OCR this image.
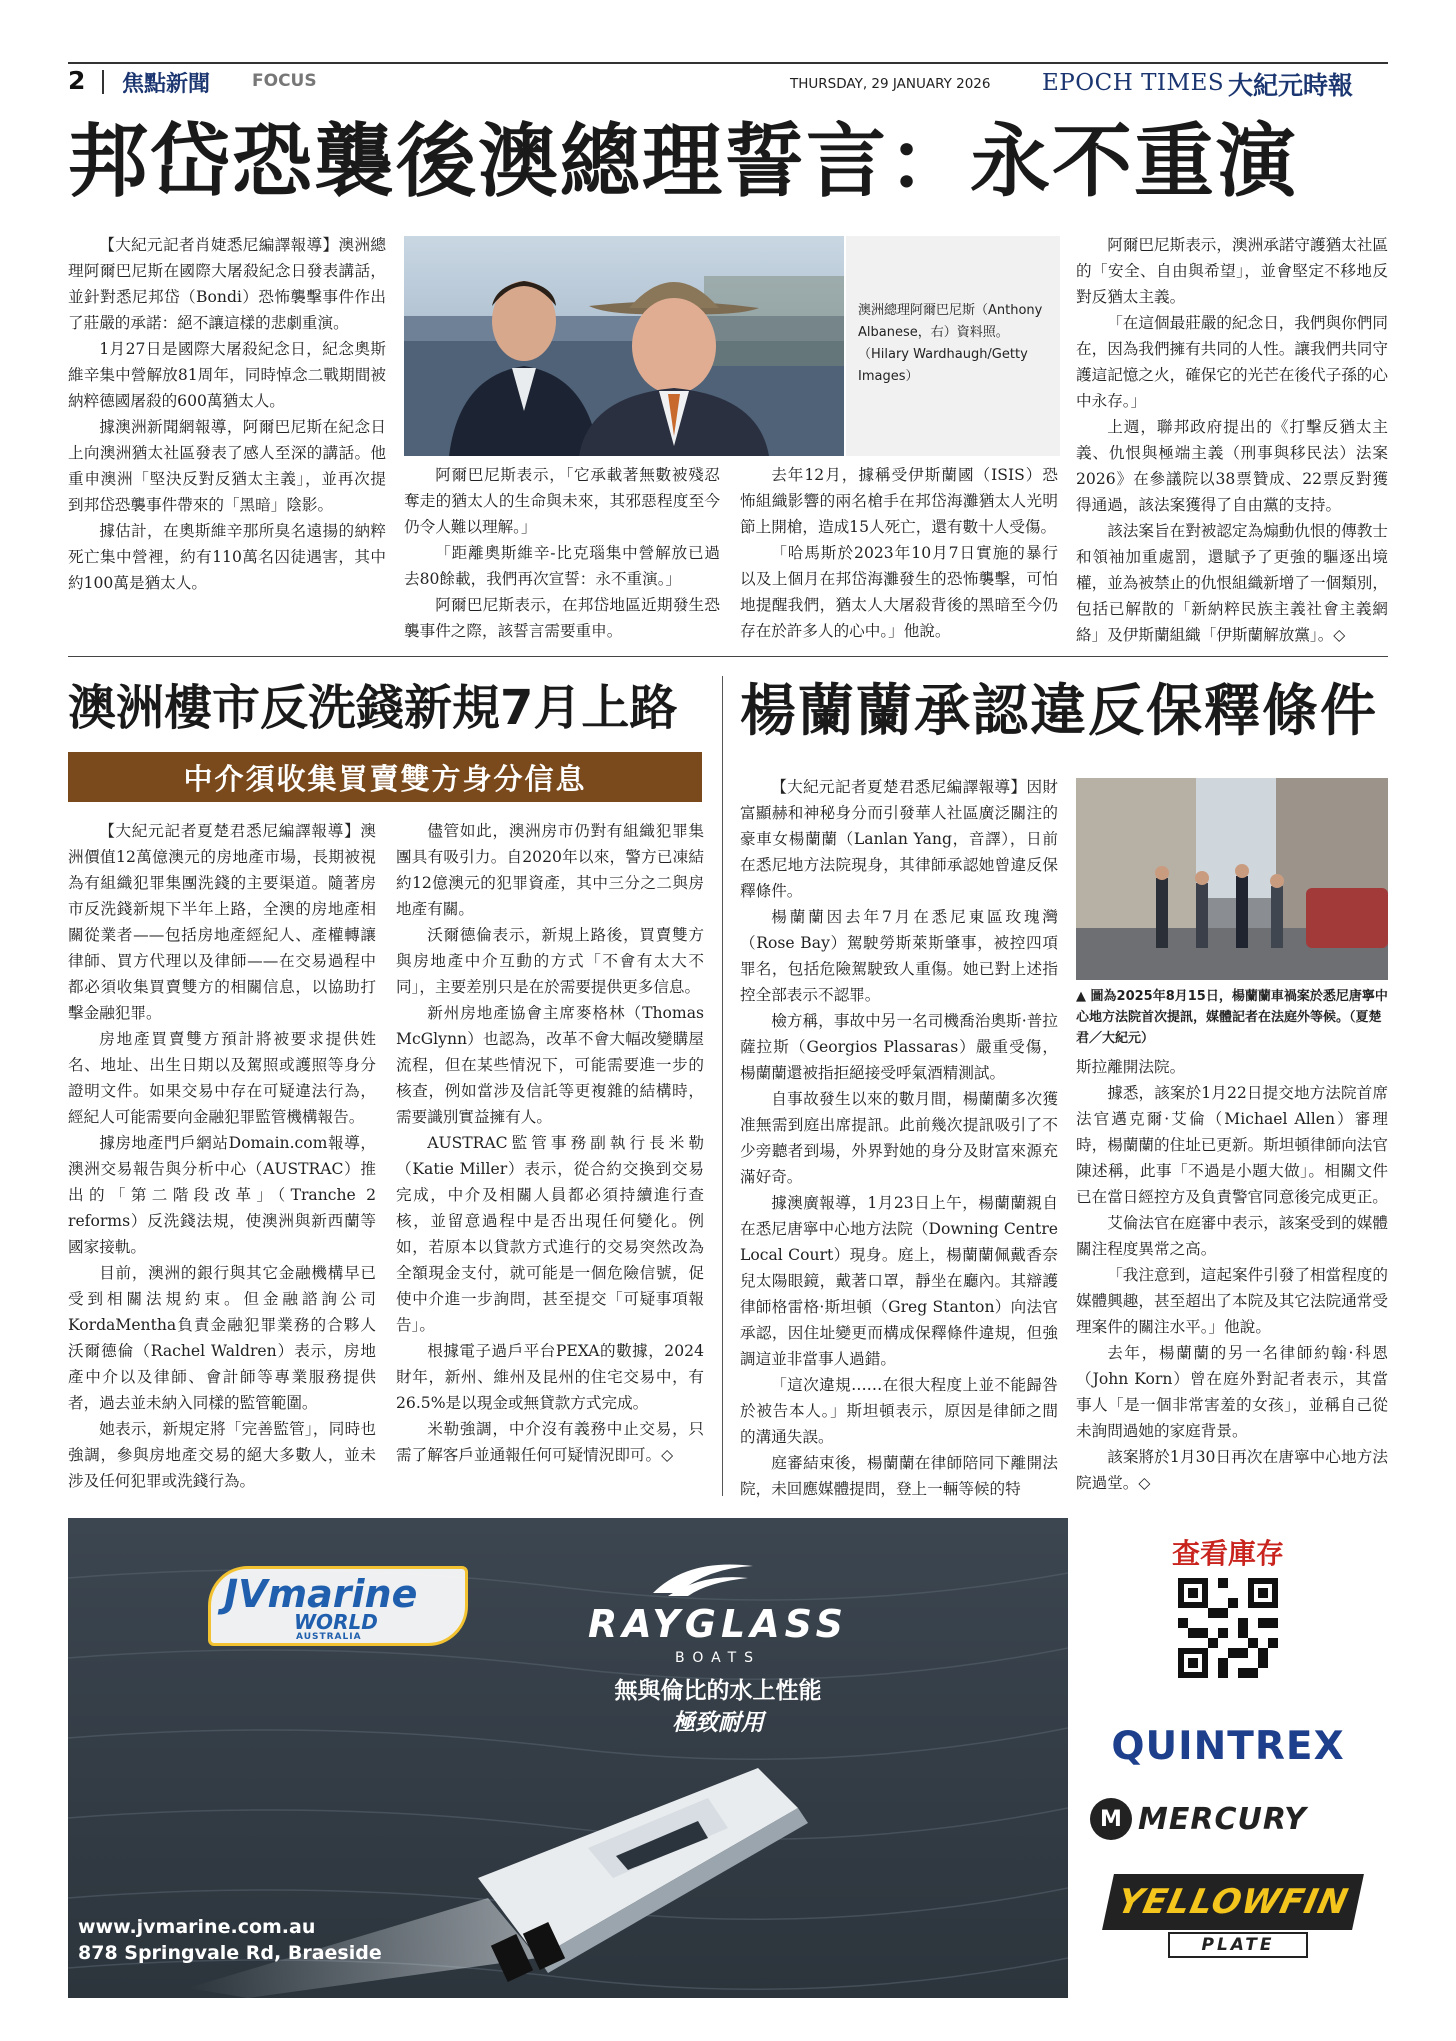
2 焦點新聞 FOCUS	THURSDAY, 29 JANUARY 2026 EPOCH TIMES 大紀元時報
邦岱恐襲後澳總理誓言：永不重演

【大紀元記者肖婕悉尼編譯報導】澳洲總理阿爾巴尼斯在國際大屠殺紀念日發表講話，並針對悉尼邦岱（Bondi）恐怖襲擊事件作出了莊嚴的承諾：絕不讓這樣的悲劇重演。

1月27日是國際大屠殺紀念日，紀念奧斯維辛集中營解放81周年，同時悼念二戰期間被納粹德國屠殺的600萬猶太人。

據澳洲新聞網報導，阿爾巴尼斯在紀念日上向澳洲猶太社區發表了感人至深的講話。他重申澳洲「堅決反對反猶太主義」，並再次提到邦岱恐襲事件帶來的「黑暗」陰影。

據估計，在奧斯維辛那所臭名遠揚的納粹死亡集中營裡，約有110萬名囚徒遇害，其中約100萬是猶太人。

澳洲總理阿爾巴尼斯（Anthony Albanese，右）資料照。（Hilary Wardhaugh/Getty Images）

阿爾巴尼斯表示，「它承載著無數被殘忍奪走的猶太人的生命與未來，其邪惡程度至今仍令人難以理解。」

「距離奧斯維辛-比克瑙集中營解放已過去80餘載，我們再次宣誓：永不重演。」

阿爾巴尼斯表示，在邦岱地區近期發生恐襲事件之際，該誓言需要重申。

去年12月，據稱受伊斯蘭國（ISIS）恐怖組織影響的兩名槍手在邦岱海灘猶太人光明節上開槍，造成15人死亡，還有數十人受傷。

「哈馬斯於2023年10月7日實施的暴行以及上個月在邦岱海灘發生的恐怖襲擊，可怕地提醒我們，猶太人大屠殺背後的黑暗至今仍存在於許多人的心中。」他說。

阿爾巴尼斯表示，澳洲承諾守護猶太社區的「安全、自由與希望」，並會堅定不移地反對反猶太主義。

「在這個最莊嚴的紀念日，我們與你們同在，因為我們擁有共同的人性。讓我們共同守護這記憶之火，確保它的光芒在後代子孫的心中永存。」

上週，聯邦政府提出的《打擊反猶太主義、仇恨與極端主義（刑事與移民法）法案2026》在參議院以38票贊成、22票反對獲得通過，該法案獲得了自由黨的支持。

該法案旨在對被認定為煽動仇恨的傳教士和領袖加重處罰，還賦予了更強的驅逐出境權，並為被禁止的仇恨組織新增了一個類別，包括已解散的「新納粹民族主義社會主義網絡」及伊斯蘭組織「伊斯蘭解放黨」。◇

澳洲樓市反洗錢新規7月上路
中介須收集買賣雙方身分信息

【大紀元記者夏楚君悉尼編譯報導】澳洲價值12萬億澳元的房地產市場，長期被視為有組織犯罪集團洗錢的主要渠道。隨著房市反洗錢新規下半年上路，全澳的房地產相關從業者——包括房地產經紀人、產權轉讓律師、買方代理以及律師——在交易過程中都必須收集買賣雙方的相關信息，以協助打擊金融犯罪。

房地產買賣雙方預計將被要求提供姓名、地址、出生日期以及駕照或護照等身分證明文件。如果交易中存在可疑違法行為，經紀人可能需要向金融犯罪監管機構報告。

據房地產門戶網站Domain.com報導，澳洲交易報告與分析中心（AUSTRAC）推出的「第二階段改革」（Tranche 2 reforms）反洗錢法規，使澳洲與新西蘭等國家接軌。

目前，澳洲的銀行與其它金融機構早已受到相關法規約束。但金融諮詢公司KordaMentha負責金融犯罪業務的合夥人沃爾德倫（Rachel Waldren）表示，房地產中介以及律師、會計師等專業服務提供者，過去並未納入同樣的監管範圍。

她表示，新規定將「完善監管」，同時也強調，參與房地產交易的絕大多數人，並未涉及任何犯罪或洗錢行為。

儘管如此，澳洲房市仍對有組織犯罪集團具有吸引力。自2020年以來，警方已凍結約12億澳元的犯罪資產，其中三分之二與房地產有關。

沃爾德倫表示，新規上路後，買賣雙方與房地產中介互動的方式「不會有太大不同」，主要差別只是在於需要提供更多信息。

新州房地產協會主席麥格林（Thomas McGlynn）也認為，改革不會大幅改變購屋流程，但在某些情況下，可能需要進一步的核查，例如當涉及信託等更複雜的結構時，需要識別實益擁有人。

AUSTRAC監管事務副執行長米勒（Katie Miller）表示，從合約交換到交易完成，中介及相關人員都必須持續進行查核，並留意過程中是否出現任何變化。例如，若原本以貸款方式進行的交易突然改為全額現金支付，就可能是一個危險信號，促使中介進一步詢問，甚至提交「可疑事項報告」。

根據電子過戶平台PEXA的數據，2024財年，新州、維州及昆州的住宅交易中，有26.5%是以現金或無貸款方式完成。

米勒強調，中介沒有義務中止交易，只需了解客戶並通報任何可疑情況即可。◇

楊蘭蘭承認違反保釋條件

【大紀元記者夏楚君悉尼編譯報導】因財富顯赫和神秘身分而引發華人社區廣泛關注的豪車女楊蘭蘭（Lanlan Yang，音譯），日前在悉尼地方法院現身，其律師承認她曾違反保釋條件。

楊蘭蘭因去年7月在悉尼東區玫瑰灣（Rose Bay）駕駛勞斯萊斯肇事，被控四項罪名，包括危險駕駛致人重傷。她已對上述指控全部表示不認罪。

檢方稱，事故中另一名司機喬治奧斯·普拉薩拉斯（Georgios Plassaras）嚴重受傷，楊蘭蘭還被指拒絕接受呼氣酒精測試。

自事故發生以來的數月間，楊蘭蘭多次獲准無需到庭出席提訊。此前幾次提訊吸引了不少旁聽者到場，外界對她的身分及財富來源充滿好奇。

據澳廣報導，1月23日上午，楊蘭蘭親自在悉尼唐寧中心地方法院（Downing Centre Local Court）現身。庭上，楊蘭蘭佩戴香奈兒太陽眼鏡，戴著口罩，靜坐在廳內。其辯護律師格雷格·斯坦頓（Greg Stanton）向法官承認，因住址變更而構成保釋條件違規，但強調這並非當事人過錯。

「這次違規……在很大程度上並不能歸咎於被告本人。」斯坦頓表示，原因是律師之間的溝通失誤。

庭審結束後，楊蘭蘭在律師陪同下離開法院，未回應媒體提問，登上一輛等候的特

▲ 圖為2025年8月15日，楊蘭蘭車禍案於悉尼唐寧中心地方法院首次提訊，媒體記者在法庭外等候。（夏楚君／大紀元）

斯拉離開法院。

據悉，該案於1月22日提交地方法院首席法官邁克爾·艾倫（Michael Allen）審理時，楊蘭蘭的住址已更新。斯坦頓律師向法官陳述稱，此事「不過是小題大做」。相關文件已在當日經控方及負責警官同意後完成更正。

艾倫法官在庭審中表示，該案受到的媒體關注程度異常之高。

「我注意到，這起案件引發了相當程度的媒體興趣，甚至超出了本院及其它法院通常受理案件的關注水平。」他說。

去年，楊蘭蘭的另一名律師約翰·科恩（John Korn）曾在庭外對記者表示，其當事人「是一個非常害羞的女孩」，並稱自己從未詢問過她的家庭背景。

該案將於1月30日再次在唐寧中心地方法院過堂。◇

JVmarine
WORLD
AUSTRALIA	RAYGLASS
BOATS
無與倫比的水上性能
極致耐用
www.jvmarine.com.au
878 Springvale Rd, Braeside
查看庫存
QUINTREX
M MERCURY
YELLOWFIN
PLATE
